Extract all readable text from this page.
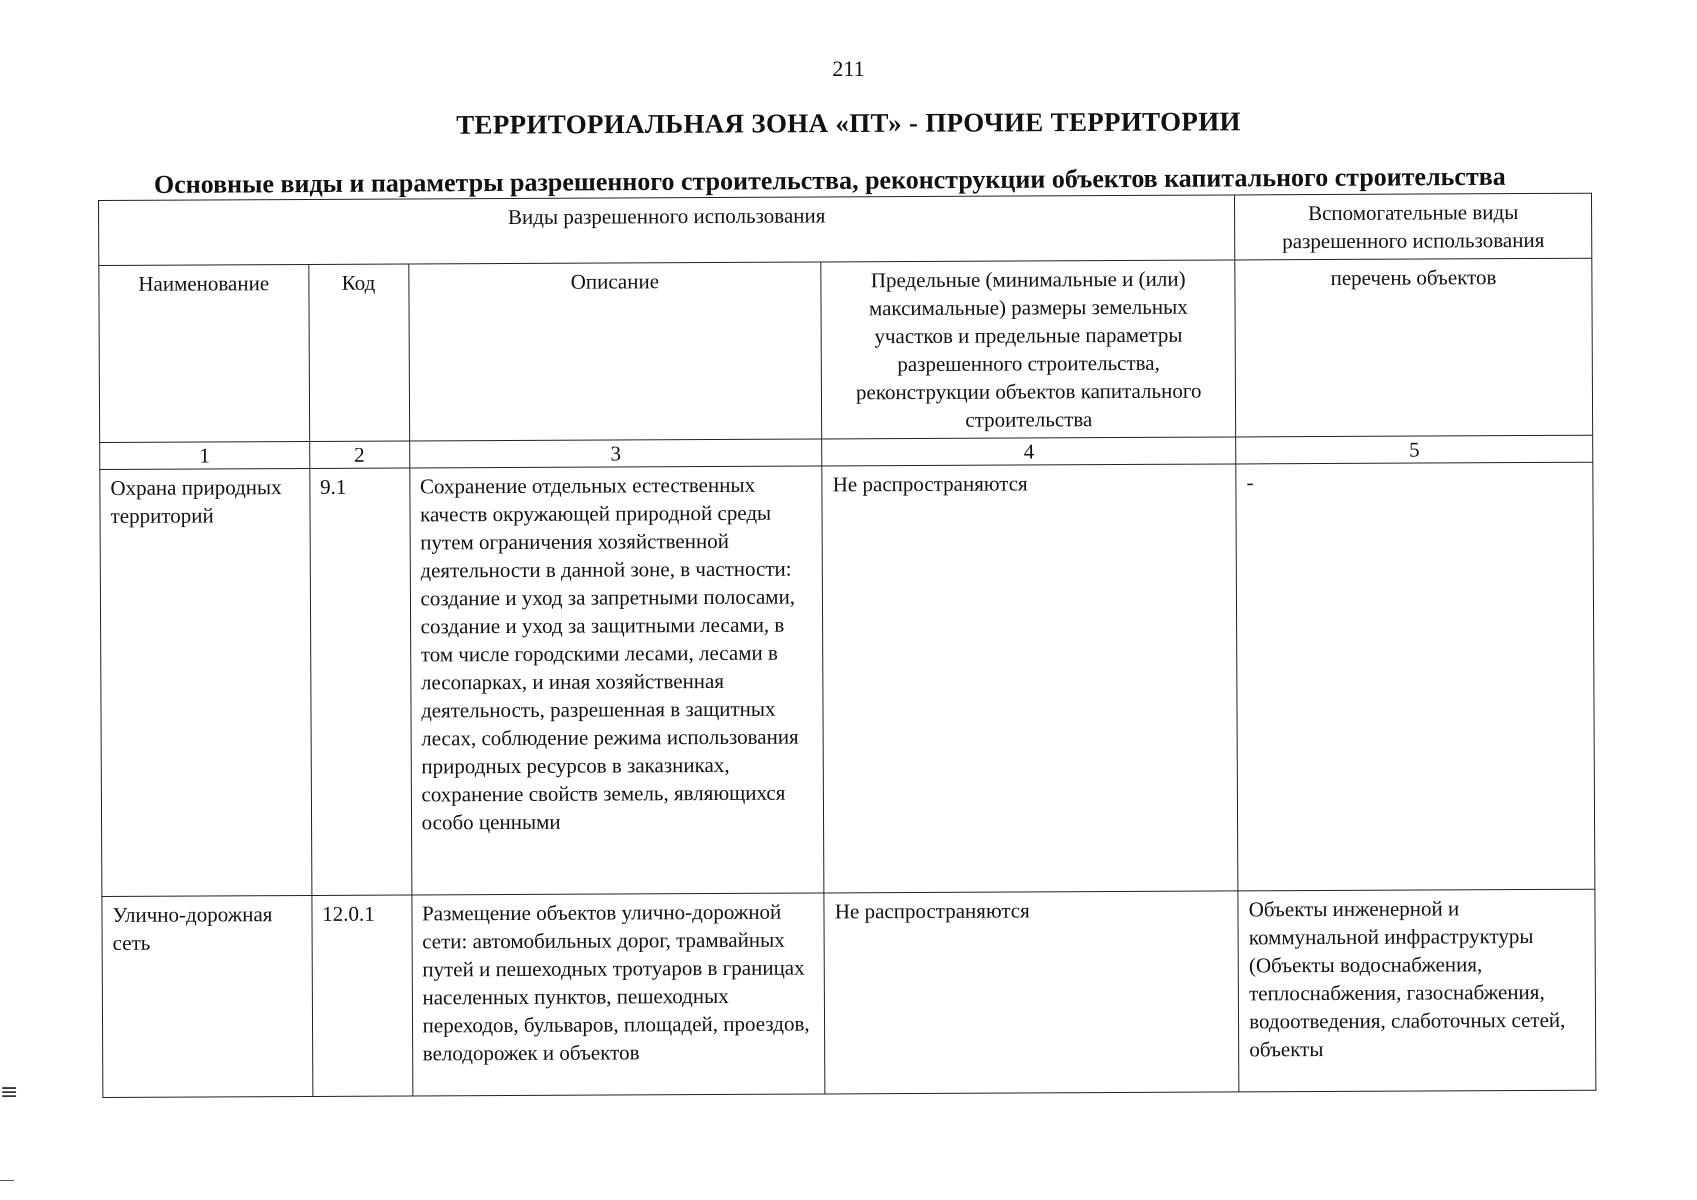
211
ТЕРРИТОРИАЛЬНАЯ ЗОНА «ПТ» - ПРОЧИЕ ТЕРРИТОРИИ
Основные виды и параметры разрешенного строительства, реконструкции объектов капитального строительства
Виды разрешенного использования				Вспомогательные виды разрешенного использования
Наименование	Код	Описание	Предельные (минимальные и (или) максимальные) размеры земельных участков и предельные параметры разрешенного строительства, реконструкции объектов капитального строительства	перечень объектов
1	2	3	4	5

Охрана природных территорий	9.1	Сохранение отдельных естественных качеств окружающей природной среды путем ограничения хозяйственной деятельности в данной зоне, в частности: создание и уход за запретными полосами, создание и уход за защитными лесами, в том числе городскими лесами, лесами в лесопарках, и иная хозяйственная деятельность, разрешенная в защитных лесах, соблюдение режима использования природных ресурсов в заказниках, сохранение свойств земель, являющихся особо ценными	Не распространяются	-

Улично-дорожная сеть	12.0.1	Размещение объектов улично-дорожной сети: автомобильных дорог, трамвайных путей и пешеходных тротуаров в границах населенных пунктов, пешеходных переходов, бульваров, площадей, проездов, велодорожек и объектов	Не распространяются	Объекты инженерной и коммунальной инфраструктуры (Объекты водоснабжения, теплоснабжения, газоснабжения, водоотведения, слаботочных сетей, объекты
≡
